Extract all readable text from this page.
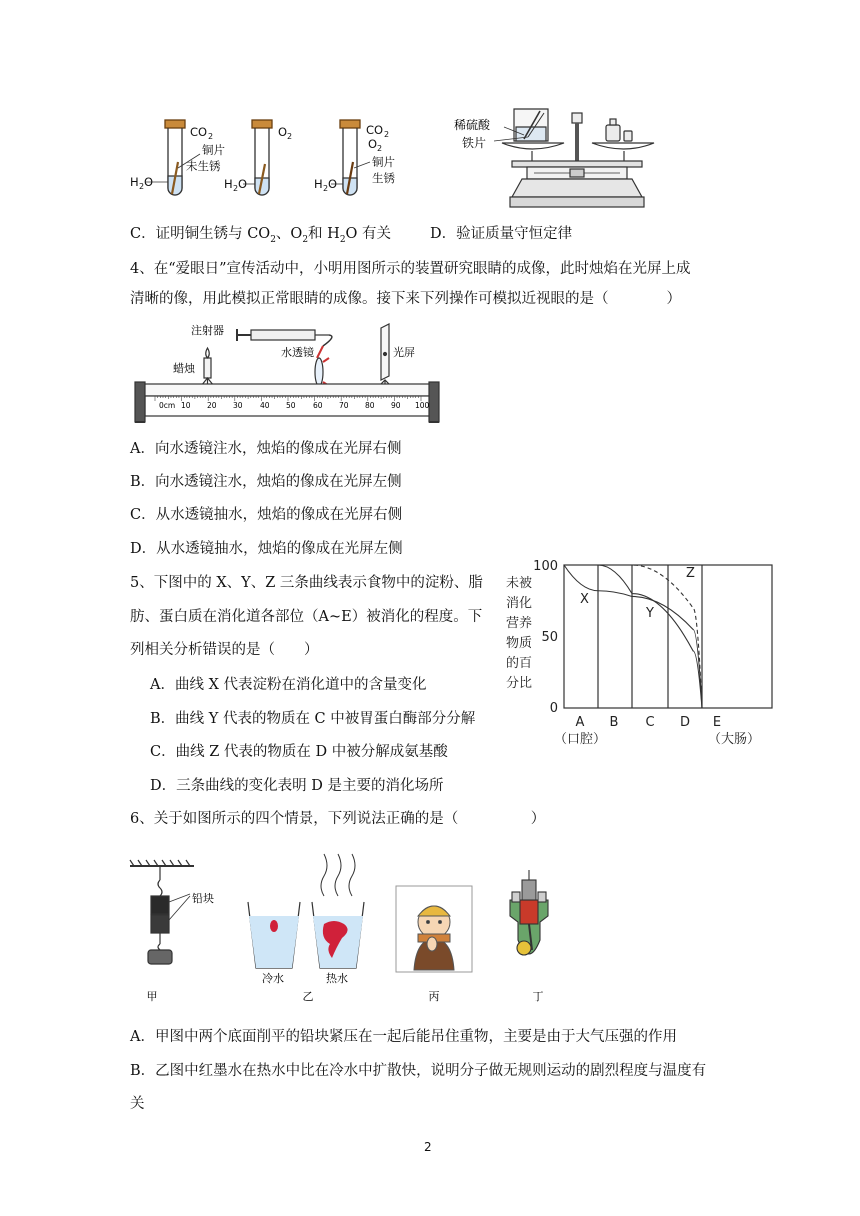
CO 2
铜片
未生锈
H 2 O
O 2
H 2 O
CO 2
O 2
铜片
生锈
H 2 O
稀硫酸
铁片
C．证明铜生锈与 $CO_2$、$O_2$和 $H_2O$ 有关	D．验证质量守恒定律
4、在“爱眼日”宣传活动中，小明用图所示的装置研究眼睛的成像，此时烛焰在光屏上成
清晰的像，用此模拟正常眼睛的成像。接下来下列操作可模拟近视眼的是（　　　　）
注射器
水透镜
蜡烛
光屏
0cm 10 20 30 40 50 60 70 80 90 100
A．向水透镜注水，烛焰的像成在光屏右侧
B．向水透镜注水，烛焰的像成在光屏左侧
C．从水透镜抽水，烛焰的像成在光屏右侧
D．从水透镜抽水，烛焰的像成在光屏左侧
5、下图中的 X、Y、Z 三条曲线表示食物中的淀粉、脂
肪、蛋白质在消化道各部位（A~E）被消化的程度。下
列相关分析错误的是（　　）
A．曲线 X 代表淀粉在消化道中的含量变化
B．曲线 Y 代表的物质在 C 中被胃蛋白酶部分分解
C．曲线 Z 代表的物质在 D 中被分解成氨基酸
D．三条曲线的变化表明 D 是主要的消化场所
未被
消化
营养
物质
的百
分比
100
50
0
A B C D E
（口腔）	（大肠）
X
Y
Z
6、关于如图所示的四个情景，下列说法正确的是（　　　　　）
铅块
冷水	热水
甲	乙	丙	丁
A．甲图中两个底面削平的铅块紧压在一起后能吊住重物，主要是由于大气压强的作用
B．乙图中红墨水在热水中比在冷水中扩散快，说明分子做无规则运动的剧烈程度与温度有
关
2
